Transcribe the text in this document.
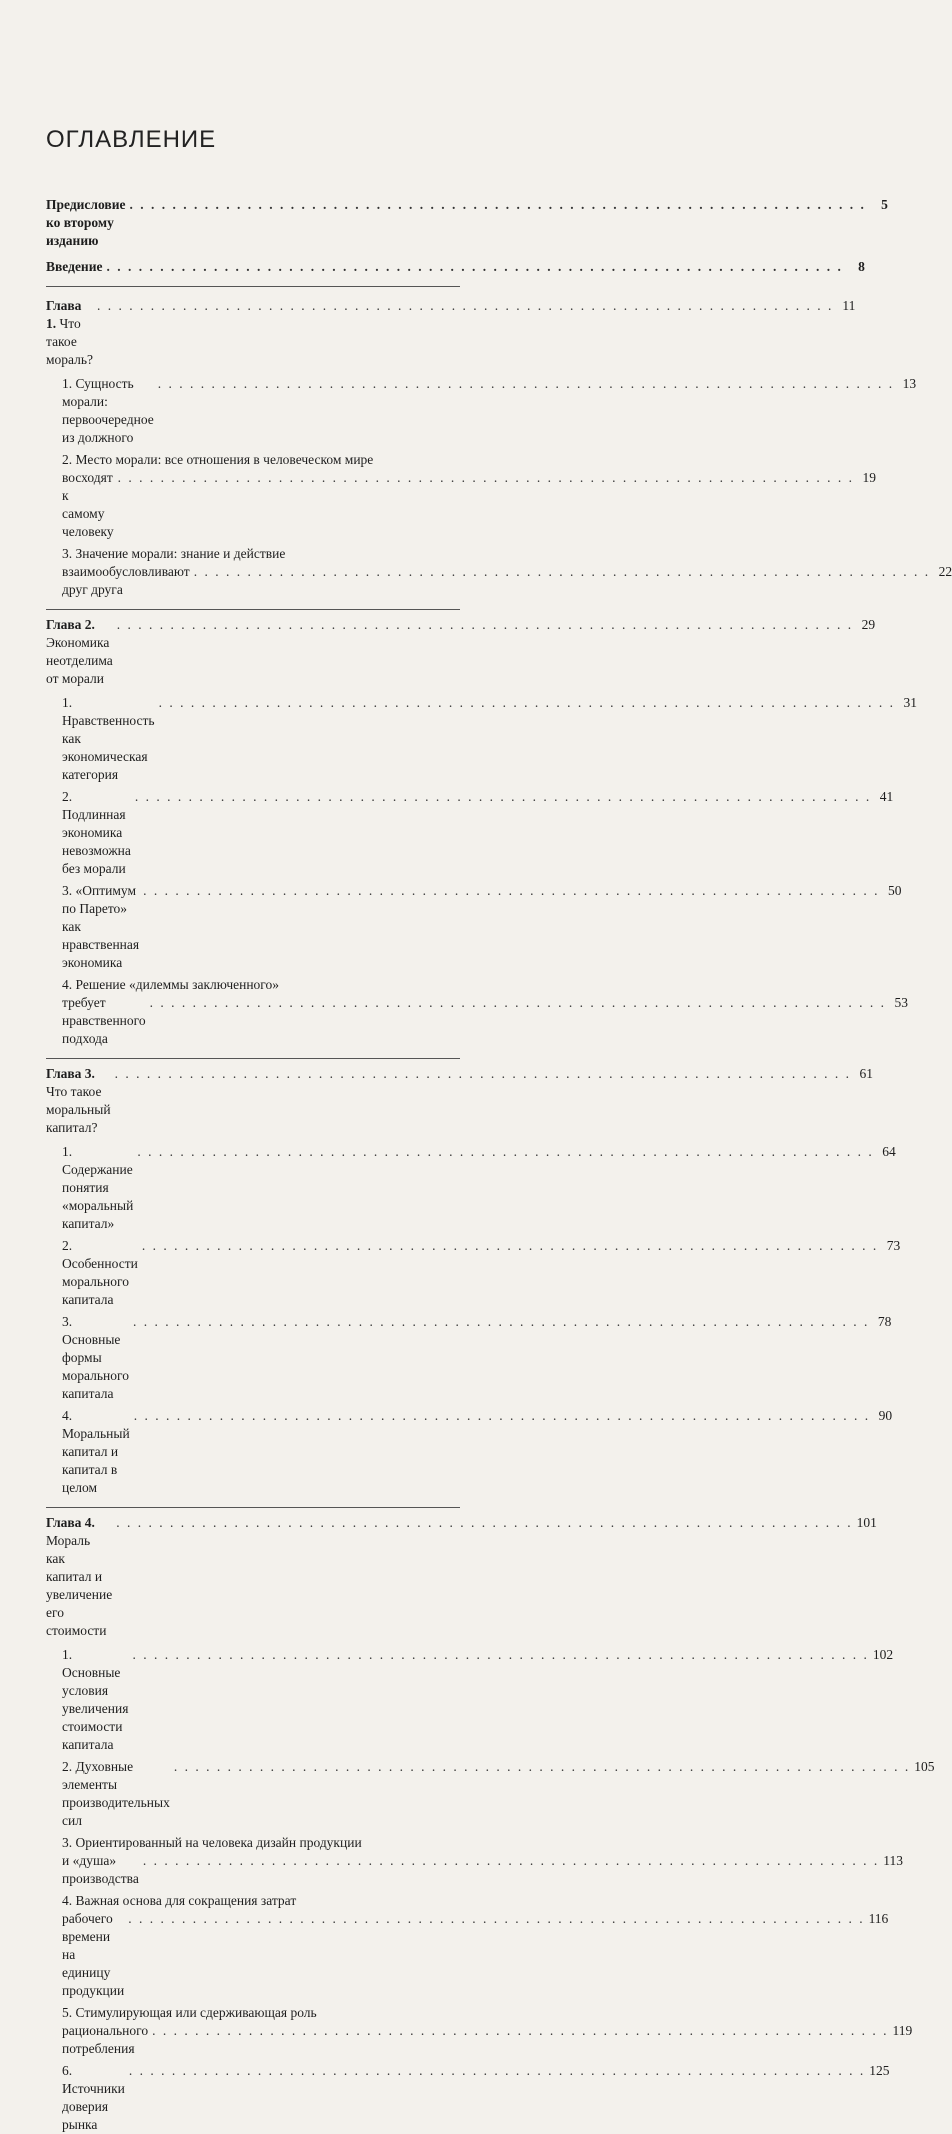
ОГЛАВЛЕНИЕ
Предисловие ко второму изданию
. . .
5
Введение
. . .	8
Глава 1. Что такое мораль?
. . .
11
1. Сущность морали: первоочередное из должного
. . .
13
2. Место морали: все отношения в человеческом мире
восходят к самому человеку
. . .
19
3. Значение морали: знание и действие
взаимообусловливают друг друга
. . .
22
Глава 2. Экономика неотделима от морали
. . .
29
1. Нравственность как экономическая категория
. . .
31
2. Подлинная экономика невозможна без морали
. . .
41
3. «Оптимум по Парето» как нравственная экономика
. . .
50
4. Решение «дилеммы заключенного»
требует нравственного подхода
. . .
53
Глава 3. Что такое моральный капитал?
. . .
61
1. Содержание понятия «моральный капитал»
. . .
64
2. Особенности морального капитала
. . .
73
3. Основные формы морального капитала
. . .
78
4. Моральный капитал и капитал в целом
. . .
90
Глава 4. Мораль как капитал и увеличение его стоимости
. . .
101
1. Основные условия увеличения стоимости капитала
. . .
102
2. Духовные элементы производительных сил
. . .
105
3. Ориентированный на человека дизайн продукции
и «душа» производства
. . .
113
4. Важная основа для сокращения затрат
рабочего времени на единицу продукции
. . .
116
5. Стимулирующая или сдерживающая роль
рационального потребления
. . .
119
6. Источники доверия рынка
. . .
125
